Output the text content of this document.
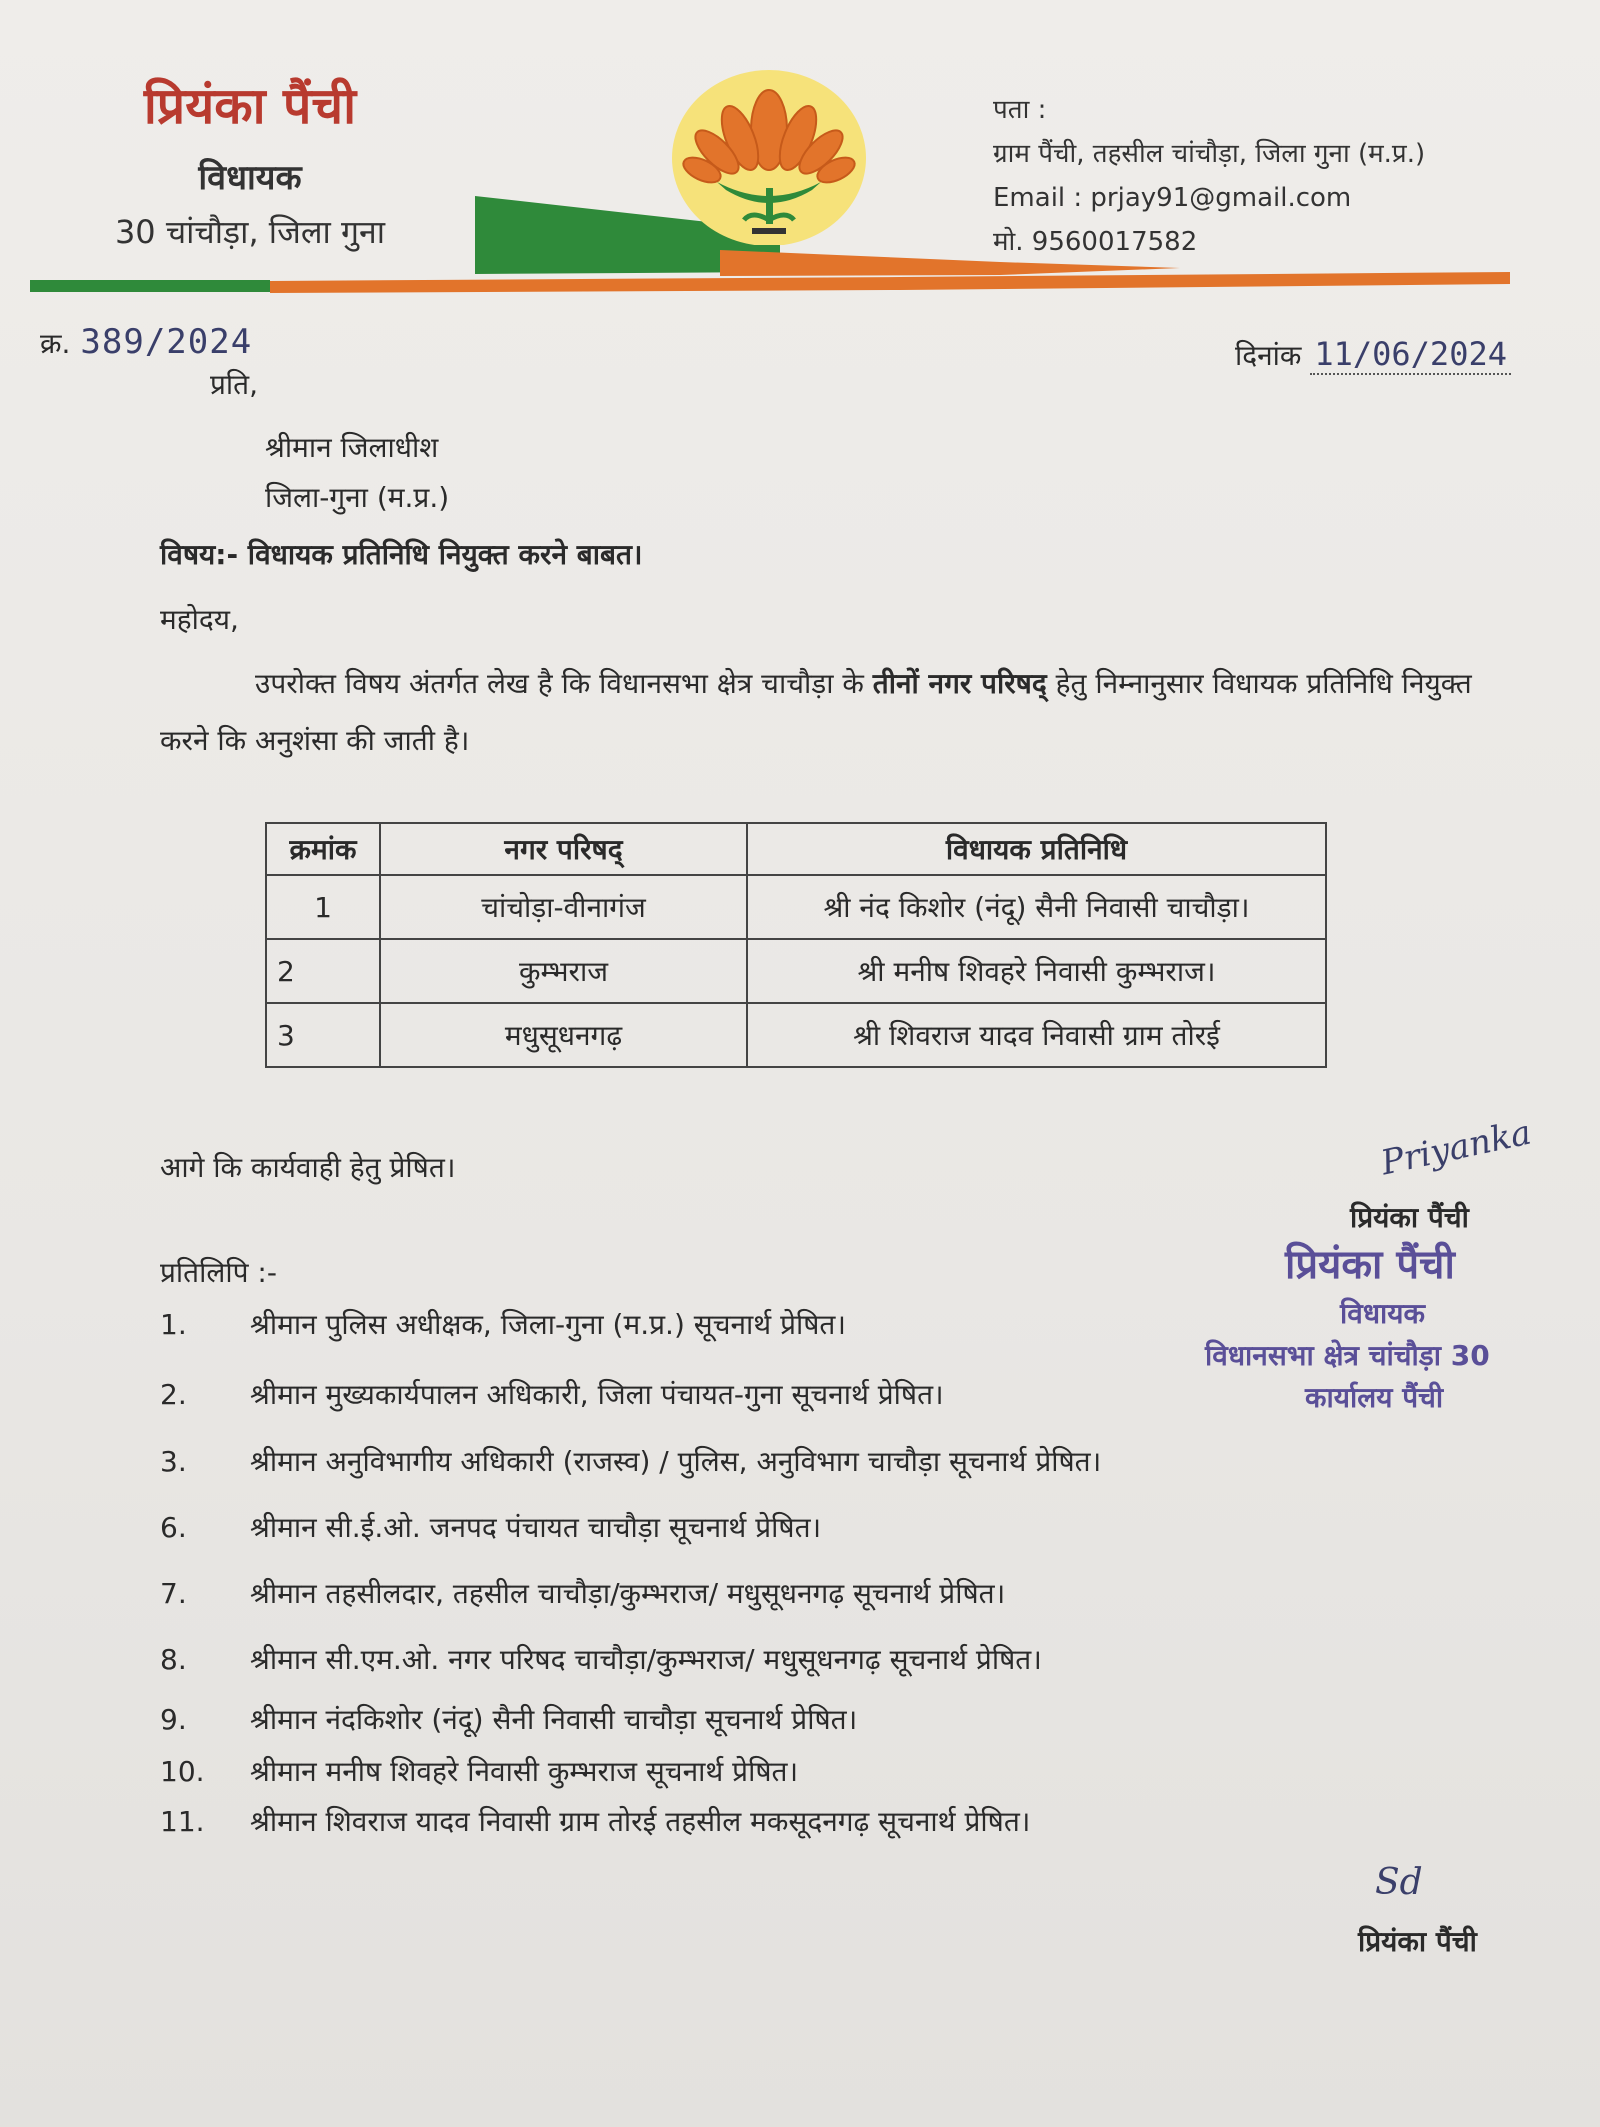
प्रियंका पैंची
विधायक
30 चांचौड़ा, जिला गुना
पता :
ग्राम पैंची, तहसील चांचौड़ा, जिला गुना (म.प्र.)
Email : prjay91@gmail.com
मो. 9560017582
क्र. 389/2024	दिनांक 11/06/2024
प्रति,
श्रीमान जिलाधीश
जिला-गुना (म.प्र.)
विषय:- विधायक प्रतिनिधि नियुक्त करने बाबत।
महोदय,
उपरोक्त विषय अंतर्गत लेख है कि विधानसभा क्षेत्र चाचौड़ा के तीनों नगर परिषद् हेतु निम्नानुसार विधायक प्रतिनिधि नियुक्त करने कि अनुशंसा की जाती है।
क्रमांक	नगर परिषद्	विधायक प्रतिनिधि
1	चांचोड़ा-वीनागंज	श्री नंद किशोर (नंदू) सैनी निवासी चाचौड़ा।
2	कुम्भराज	श्री मनीष शिवहरे निवासी कुम्भराज।
3	मधुसूधनगढ़	श्री शिवराज यादव निवासी ग्राम तोरई
आगे कि कार्यवाही हेतु प्रेषित।
प्रतिलिपि :-
1. श्रीमान पुलिस अधीक्षक, जिला-गुना (म.प्र.) सूचनार्थ प्रेषित।
2. श्रीमान मुख्यकार्यपालन अधिकारी, जिला पंचायत-गुना सूचनार्थ प्रेषित।
3. श्रीमान अनुविभागीय अधिकारी (राजस्व) / पुलिस, अनुविभाग चाचौड़ा सूचनार्थ प्रेषित।
6. श्रीमान सी.ई.ओ. जनपद पंचायत चाचौड़ा सूचनार्थ प्रेषित।
7. श्रीमान तहसीलदार, तहसील चाचौड़ा/कुम्भराज/ मधुसूधनगढ़ सूचनार्थ प्रेषित।
8. श्रीमान सी.एम.ओ. नगर परिषद चाचौड़ा/कुम्भराज/ मधुसूधनगढ़ सूचनार्थ प्रेषित।
9. श्रीमान नंदकिशोर (नंदू) सैनी निवासी चाचौड़ा सूचनार्थ प्रेषित।
10. श्रीमान मनीष शिवहरे निवासी कुम्भराज सूचनार्थ प्रेषित।
11. श्रीमान शिवराज यादव निवासी ग्राम तोरई तहसील मकसूदनगढ़ सूचनार्थ प्रेषित।
Priyanka
प्रियंका पैंची
प्रियंका पैंची
विधायक
विधानसभा क्षेत्र चांचौड़ा 30
कार्यालय पैंची
Sd
प्रियंका पैंची
